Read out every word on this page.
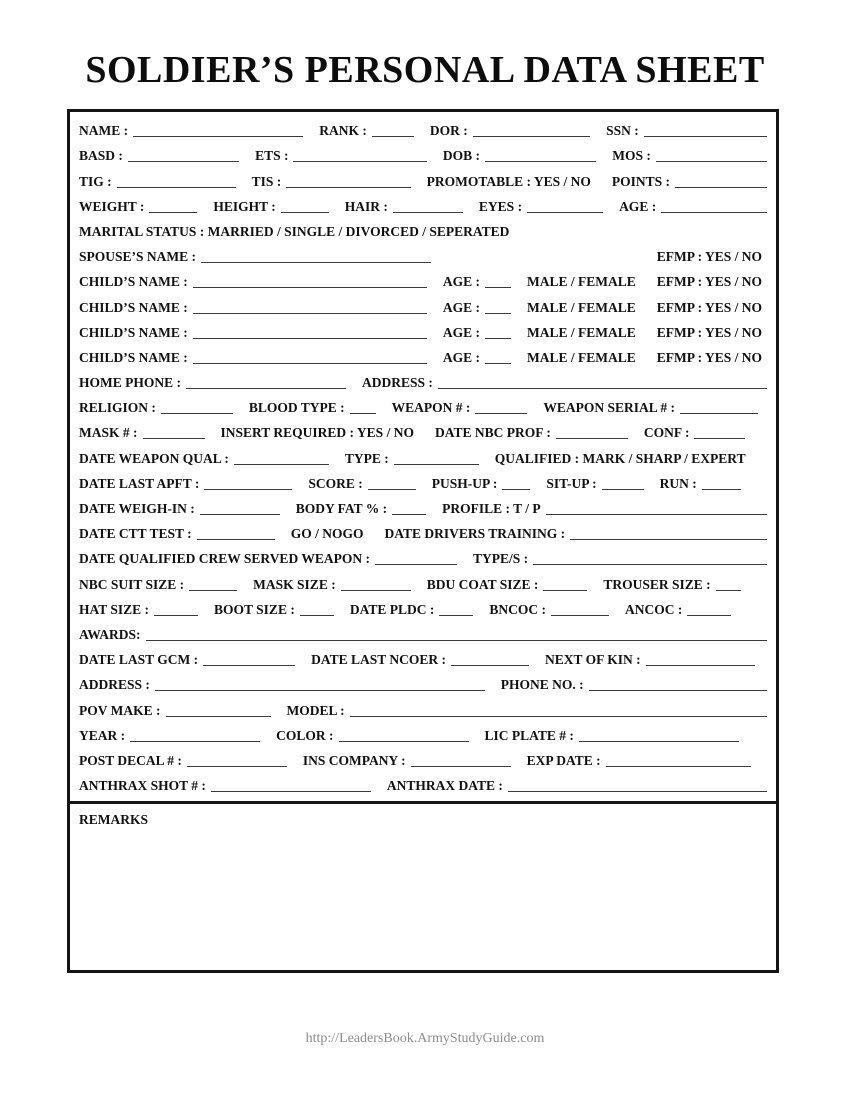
SOLDIER’S PERSONAL DATA SHEET
NAME :	RANK :	DOR :	SSN :
BASD :	ETS :	DOB :	MOS :
TIG :	TIS :	PROMOTABLE : YES / NO POINTS :
WEIGHT :	HEIGHT :	HAIR :	EYES :	AGE :
MARITAL STATUS : MARRIED / SINGLE / DIVORCED / SEPERATED
SPOUSE’S NAME :	EFMP : YES / NO
CHILD’S NAME :	AGE :	MALE / FEMALE EFMP : YES / NO
CHILD’S NAME :	AGE :	MALE / FEMALE EFMP : YES / NO
CHILD’S NAME :	AGE :	MALE / FEMALE EFMP : YES / NO
CHILD’S NAME :	AGE :	MALE / FEMALE EFMP : YES / NO
HOME PHONE :	ADDRESS :
RELIGION :	BLOOD TYPE :	WEAPON # :	WEAPON SERIAL # :
MASK # :	INSERT REQUIRED : YES / NO DATE NBC PROF :	CONF :
DATE WEAPON QUAL :	TYPE :	QUALIFIED : MARK / SHARP / EXPERT
DATE LAST APFT :	SCORE :	PUSH-UP :	SIT-UP :	RUN :
DATE WEIGH-IN :	BODY FAT % :	PROFILE : T / P
DATE CTT TEST :	GO / NOGO DATE DRIVERS TRAINING :
DATE QUALIFIED CREW SERVED WEAPON :	TYPE/S :
NBC SUIT SIZE :	MASK SIZE :	BDU COAT SIZE :	TROUSER SIZE :
HAT SIZE :	BOOT SIZE :	DATE PLDC :	BNCOC :	ANCOC :
AWARDS:
DATE LAST GCM :	DATE LAST NCOER :	NEXT OF KIN :
ADDRESS :	PHONE NO. :
POV MAKE :	MODEL :
YEAR :	COLOR :	LIC PLATE # :
POST DECAL # :	INS COMPANY :	EXP DATE :
ANTHRAX SHOT # :	ANTHRAX DATE :
REMARKS
http://LeadersBook.ArmyStudyGuide.com
